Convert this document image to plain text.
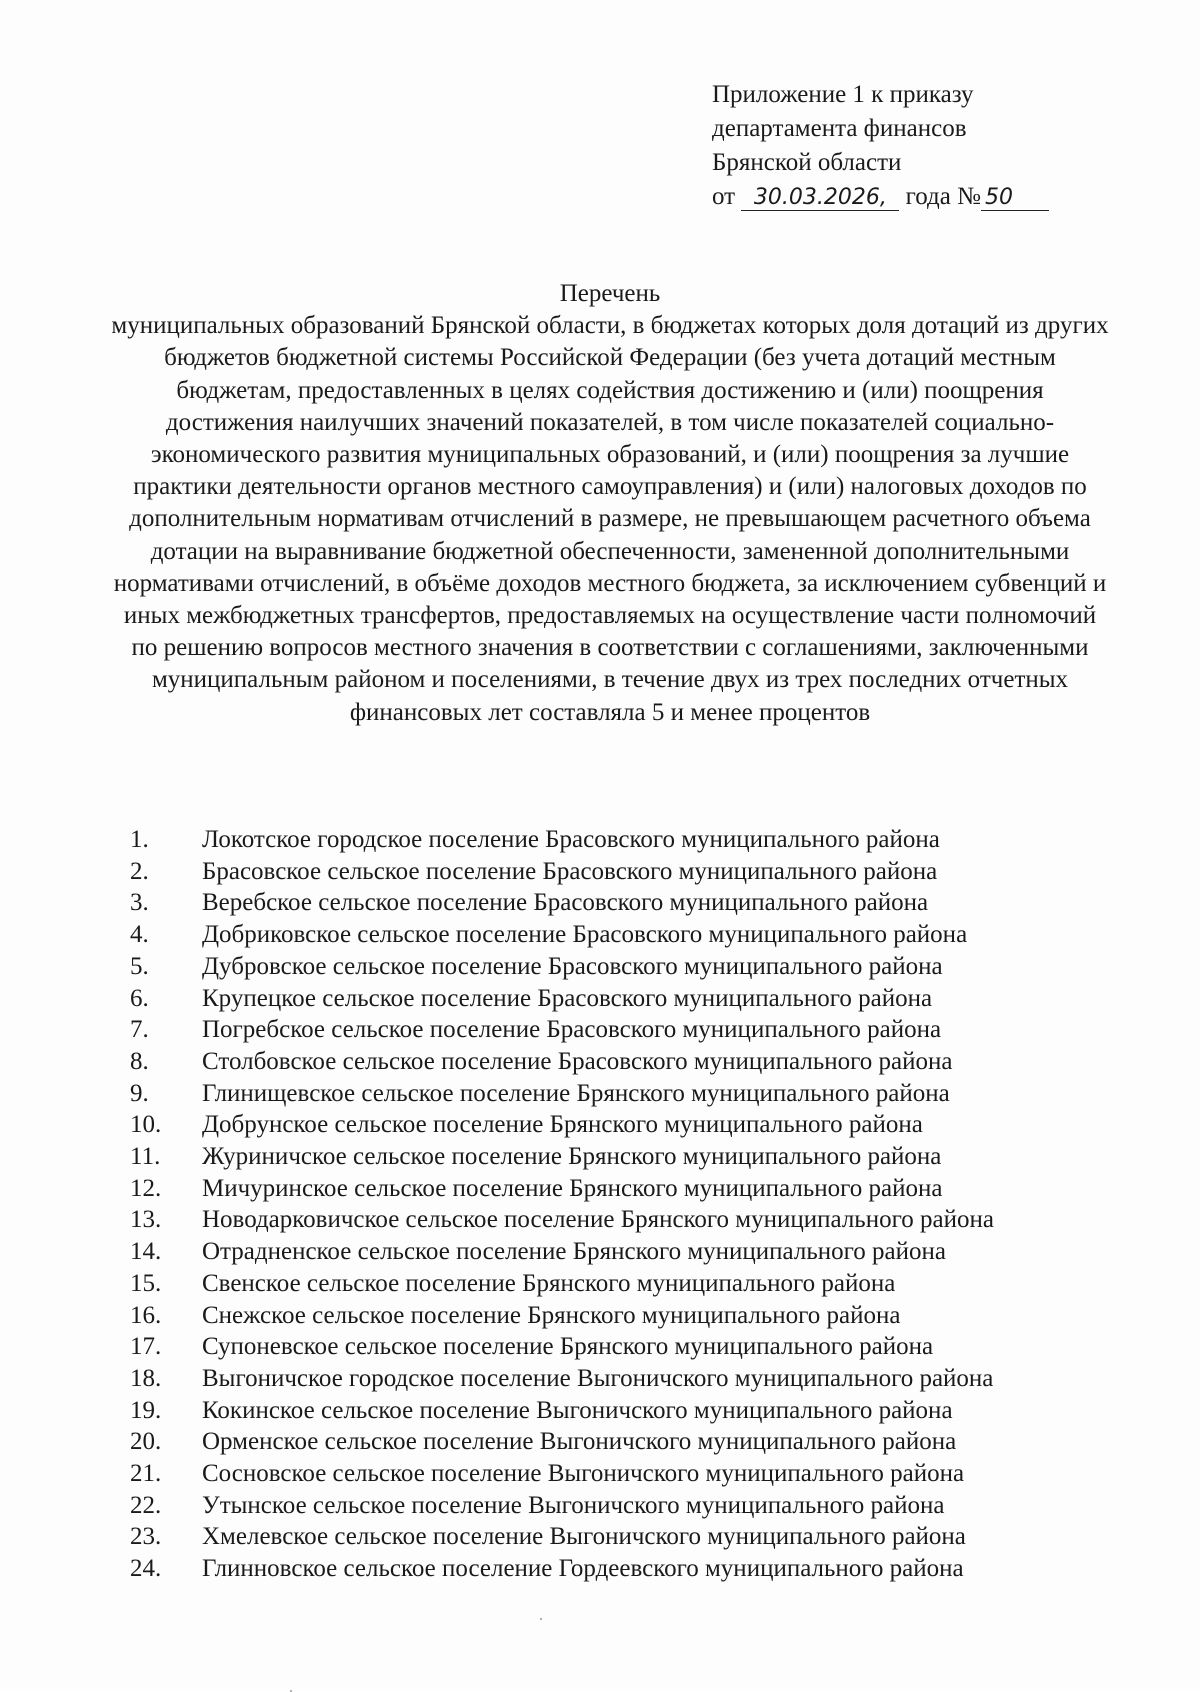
Приложение 1 к приказу
департамента финансов
Брянской области
от 30.03.2026, года № 50
Перечень
муниципальных образований Брянской области, в бюджетах которых доля дотаций из других бюджетов бюджетной системы Российской Федерации (без учета дотаций местным бюджетам, предоставленных в целях содействия достижению и (или) поощрения достижения наилучших значений показателей, в том числе показателей социально-экономического развития муниципальных образований, и (или) поощрения за лучшие практики деятельности органов местного самоуправления) и (или) налоговых доходов по дополнительным нормативам отчислений в размере, не превышающем расчетного объема дотации на выравнивание бюджетной обеспеченности, замененной дополнительными нормативами отчислений, в объёме доходов местного бюджета, за исключением субвенций и иных межбюджетных трансфертов, предоставляемых на осуществление части полномочий по решению вопросов местного значения в соответствии с соглашениями, заключенными муниципальным районом и поселениями, в течение двух из трех последних отчетных финансовых лет составляла 5 и менее процентов
1.	Локотское городское поселение Брасовского муниципального района
2.	Брасовское сельское поселение Брасовского муниципального района
3.	Веребское сельское поселение Брасовского муниципального района
4.	Добриковское сельское поселение Брасовского муниципального района
5.	Дубровское сельское поселение Брасовского муниципального района
6.	Крупецкое сельское поселение Брасовского муниципального района
7.	Погребское сельское поселение Брасовского муниципального района
8.	Столбовское сельское поселение Брасовского муниципального района
9.	Глинищевское сельское поселение Брянского муниципального района
10.	Добрунское сельское поселение Брянского муниципального района
11.	Журиничское сельское поселение Брянского муниципального района
12.	Мичуринское сельское поселение Брянского муниципального района
13.	Новодарковичское сельское поселение Брянского муниципального района
14.	Отрадненское сельское поселение Брянского муниципального района
15.	Свенское сельское поселение Брянского муниципального района
16.	Снежское сельское поселение Брянского муниципального района
17.	Супоневское сельское поселение Брянского муниципального района
18.	Выгоничское городское поселение Выгоничского муниципального района
19.	Кокинское сельское поселение Выгоничского муниципального района
20.	Орменское сельское поселение Выгоничского муниципального района
21.	Сосновское сельское поселение Выгоничского муниципального района
22.	Утынское сельское поселение Выгоничского муниципального района
23.	Хмелевское сельское поселение Выгоничского муниципального района
24.	Глинновское сельское поселение Гордеевского муниципального района
